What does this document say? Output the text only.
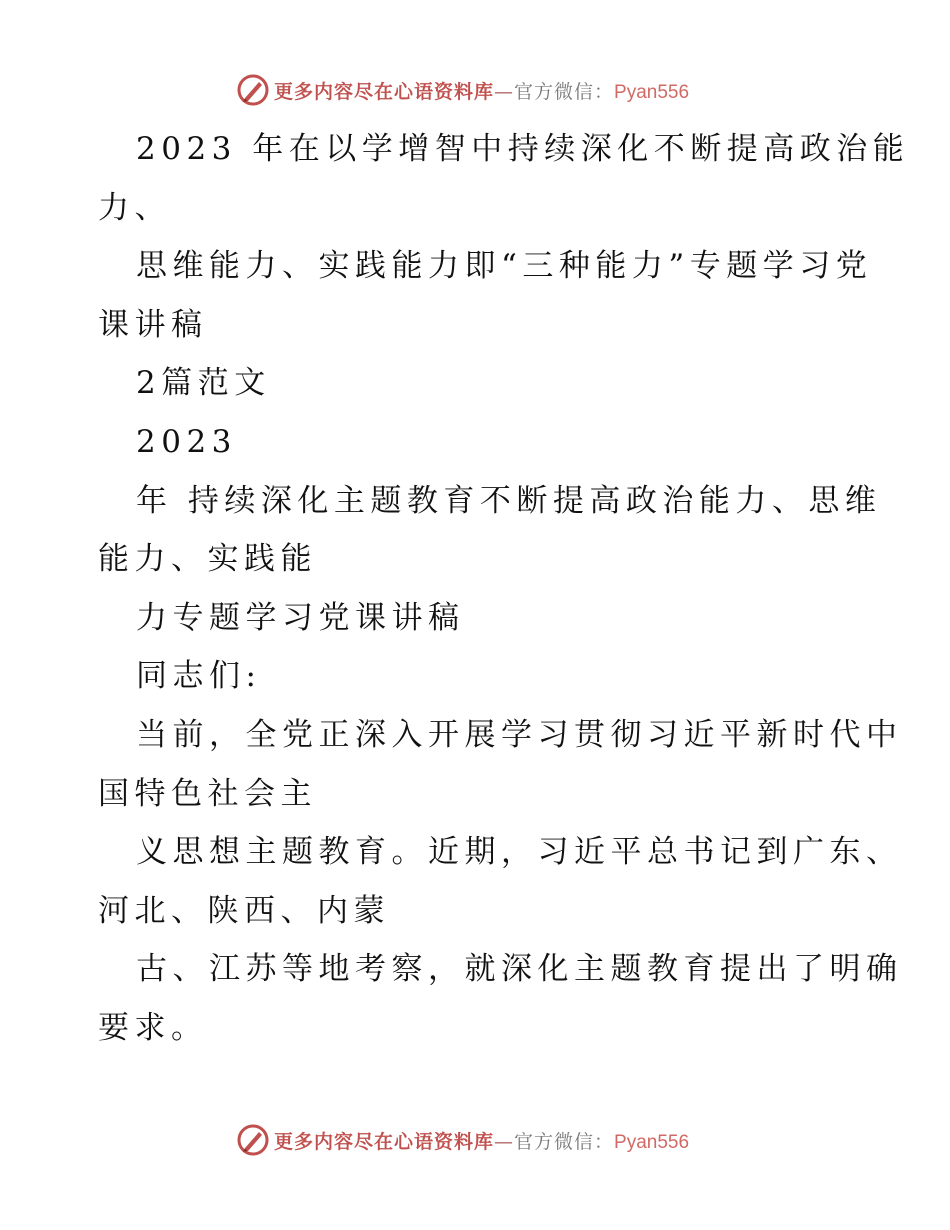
更多内容尽在心语资料库—官方微信：Pyan556
2023 年在以学增智中持续深化不断提高政治能
力、
思维能力、实践能力即“三种能力”专题学习党
课讲稿
2篇范文
2023
年 持续深化主题教育不断提高政治能力、思维
能力、实践能
力专题学习党课讲稿
同志们:
当前，全党正深入开展学习贯彻习近平新时代中
国特色社会主
义思想主题教育。近期，习近平总书记到广东、
河北、陕西、内蒙
古、江苏等地考察，就深化主题教育提出了明确
要求。
更多内容尽在心语资料库—官方微信：Pyan556
